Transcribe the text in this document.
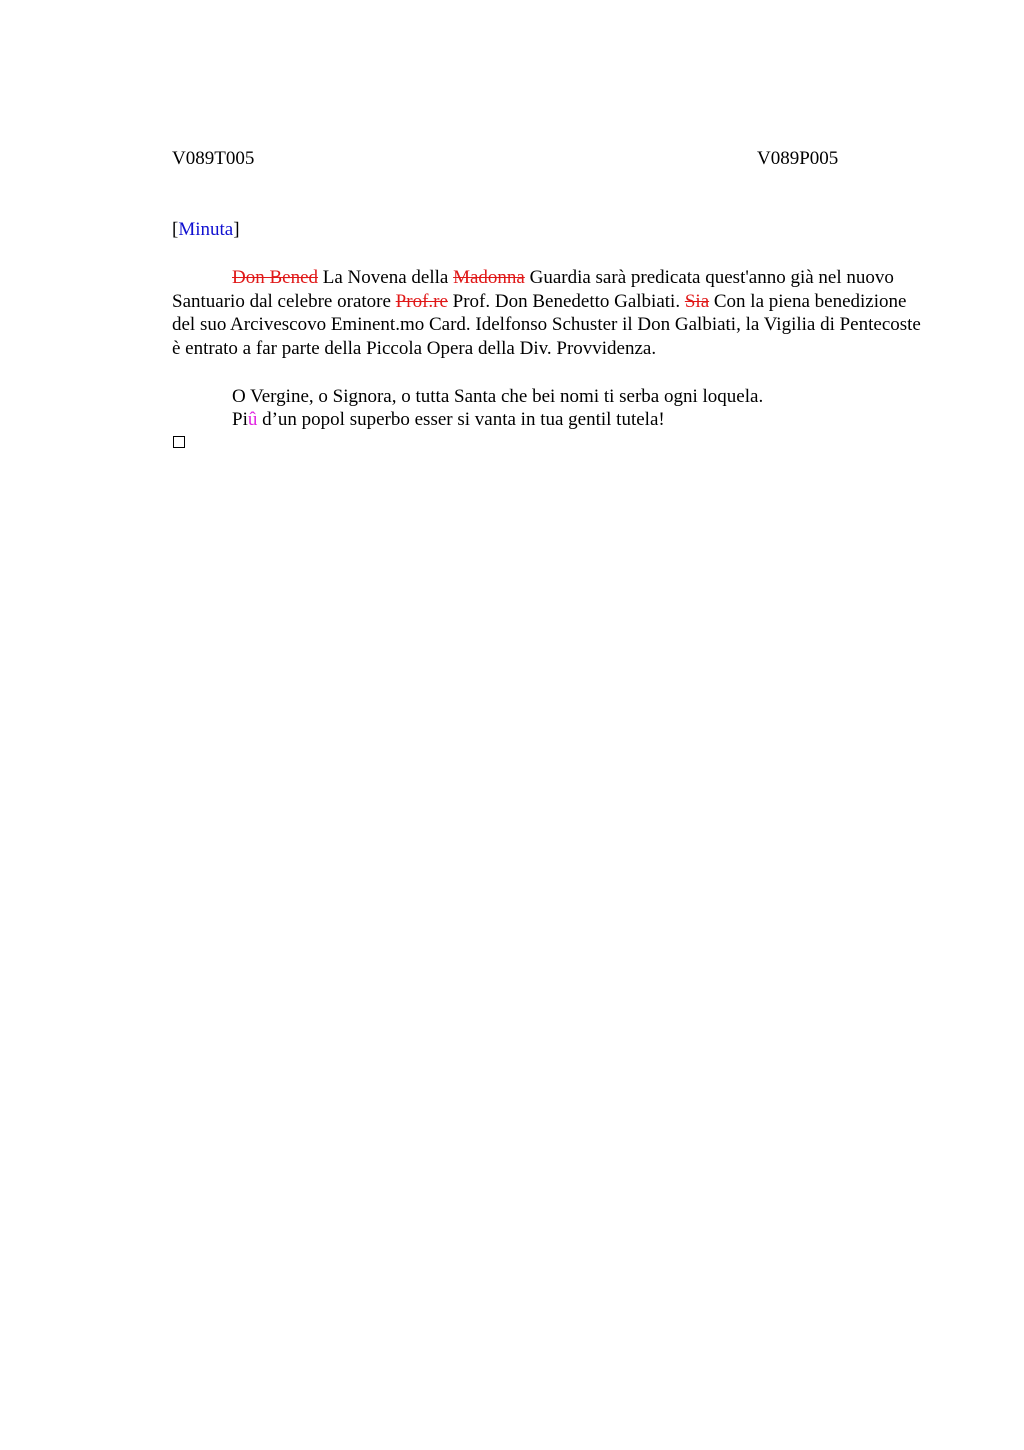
V089T005	V089P005
[Minuta]

Don Bened La Novena della Madonna Guardia sarà predicata quest'anno già nel nuovo Santuario dal celebre oratore Prof.re Prof. Don Benedetto Galbiati. Sia Con la piena benedizione del suo Arcivescovo Eminent.mo Card. Idelfonso Schuster il Don Galbiati, la Vigilia di Pentecoste è entrato a far parte della Piccola Opera della Div. Provvidenza.

O Vergine, o Signora, o tutta Santa che bei nomi ti serba ogni loquela.
Piû d’un popol superbo esser si vanta in tua gentil tutela!
